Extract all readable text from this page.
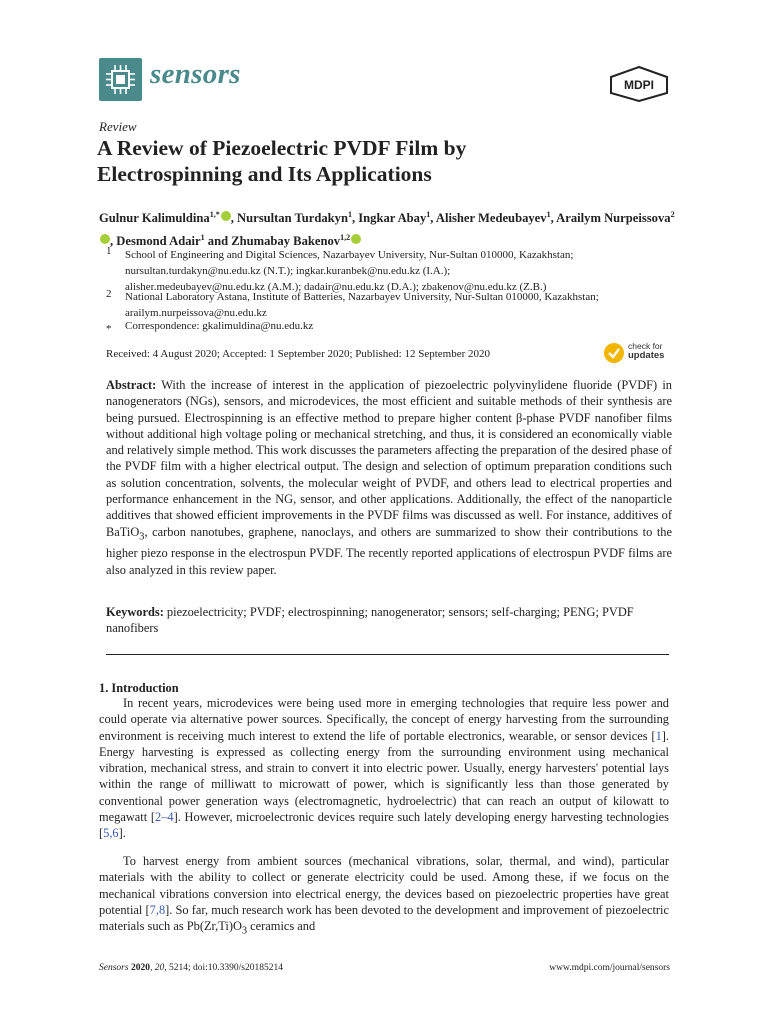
sensors	MDPI
Review
A Review of Piezoelectric PVDF Film by Electrospinning and Its Applications
Gulnur Kalimuldina$^{1,*}$ , Nursultan Turdakyn$^1$, Ingkar Abay$^1$, Alisher Medeubayev$^1$, Arailym Nurpeissova$^2$, Desmond Adair$^1$ and Zhumabay Bakenov$^{1,2}$
1 School of Engineering and Digital Sciences, Nazarbayev University, Nur-Sultan 010000, Kazakhstan;
nursultan.turdakyn@nu.edu.kz (N.T.); ingkar.kuranbek@nu.edu.kz (I.A.);
alisher.medeubayev@nu.edu.kz (A.M.); dadair@nu.edu.kz (D.A.); zbakenov@nu.edu.kz (Z.B.)
2 National Laboratory Astana, Institute of Batteries, Nazarbayev University, Nur-Sultan 010000, Kazakhstan;
arailym.nurpeissova@nu.edu.kz
* Correspondence: gkalimuldina@nu.edu.kz
Received: 4 August 2020; Accepted: 1 September 2020; Published: 12 September 2020
check for
updates
Abstract: With the increase of interest in the application of piezoelectric polyvinylidene fluoride (PVDF) in nanogenerators (NGs), sensors, and microdevices, the most efficient and suitable methods of their synthesis are being pursued. Electrospinning is an effective method to prepare higher content β-phase PVDF nanofiber films without additional high voltage poling or mechanical stretching, and thus, it is considered an economically viable and relatively simple method. This work discusses the parameters affecting the preparation of the desired phase of the PVDF film with a higher electrical output. The design and selection of optimum preparation conditions such as solution concentration, solvents, the molecular weight of PVDF, and others lead to electrical properties and performance enhancement in the NG, sensor, and other applications. Additionally, the effect of the nanoparticle additives that showed efficient improvements in the PVDF films was discussed as well. For instance, additives of BaTiO$_3$, carbon nanotubes, graphene, nanoclays, and others are summarized to show their contributions to the higher piezo response in the electrospun PVDF. The recently reported applications of electrospun PVDF films are also analyzed in this review paper.
Keywords: piezoelectricity; PVDF; electrospinning; nanogenerator; sensors; self-charging; PENG; PVDF nanofibers
1. Introduction
In recent years, microdevices were being used more in emerging technologies that require less power and could operate via alternative power sources. Specifically, the concept of energy harvesting from the surrounding environment is receiving much interest to extend the life of portable electronics, wearable, or sensor devices [1]. Energy harvesting is expressed as collecting energy from the surrounding environment using mechanical vibration, mechanical stress, and strain to convert it into electric power. Usually, energy harvesters' potential lays within the range of milliwatt to microwatt of power, which is significantly less than those generated by conventional power generation ways (electromagnetic, hydroelectric) that can reach an output of kilowatt to megawatt [2–4]. However, microelectronic devices require such lately developing energy harvesting technologies [5,6].
To harvest energy from ambient sources (mechanical vibrations, solar, thermal, and wind), particular materials with the ability to collect or generate electricity could be used. Among these, if we focus on the mechanical vibrations conversion into electrical energy, the devices based on piezoelectric properties have great potential [7,8]. So far, much research work has been devoted to the development and improvement of piezoelectric materials such as $Pb(Zr,Ti)O_3$ ceramics and
Sensors 2020, 20, 5214; doi:10.3390/s20185214	www.mdpi.com/journal/sensors
